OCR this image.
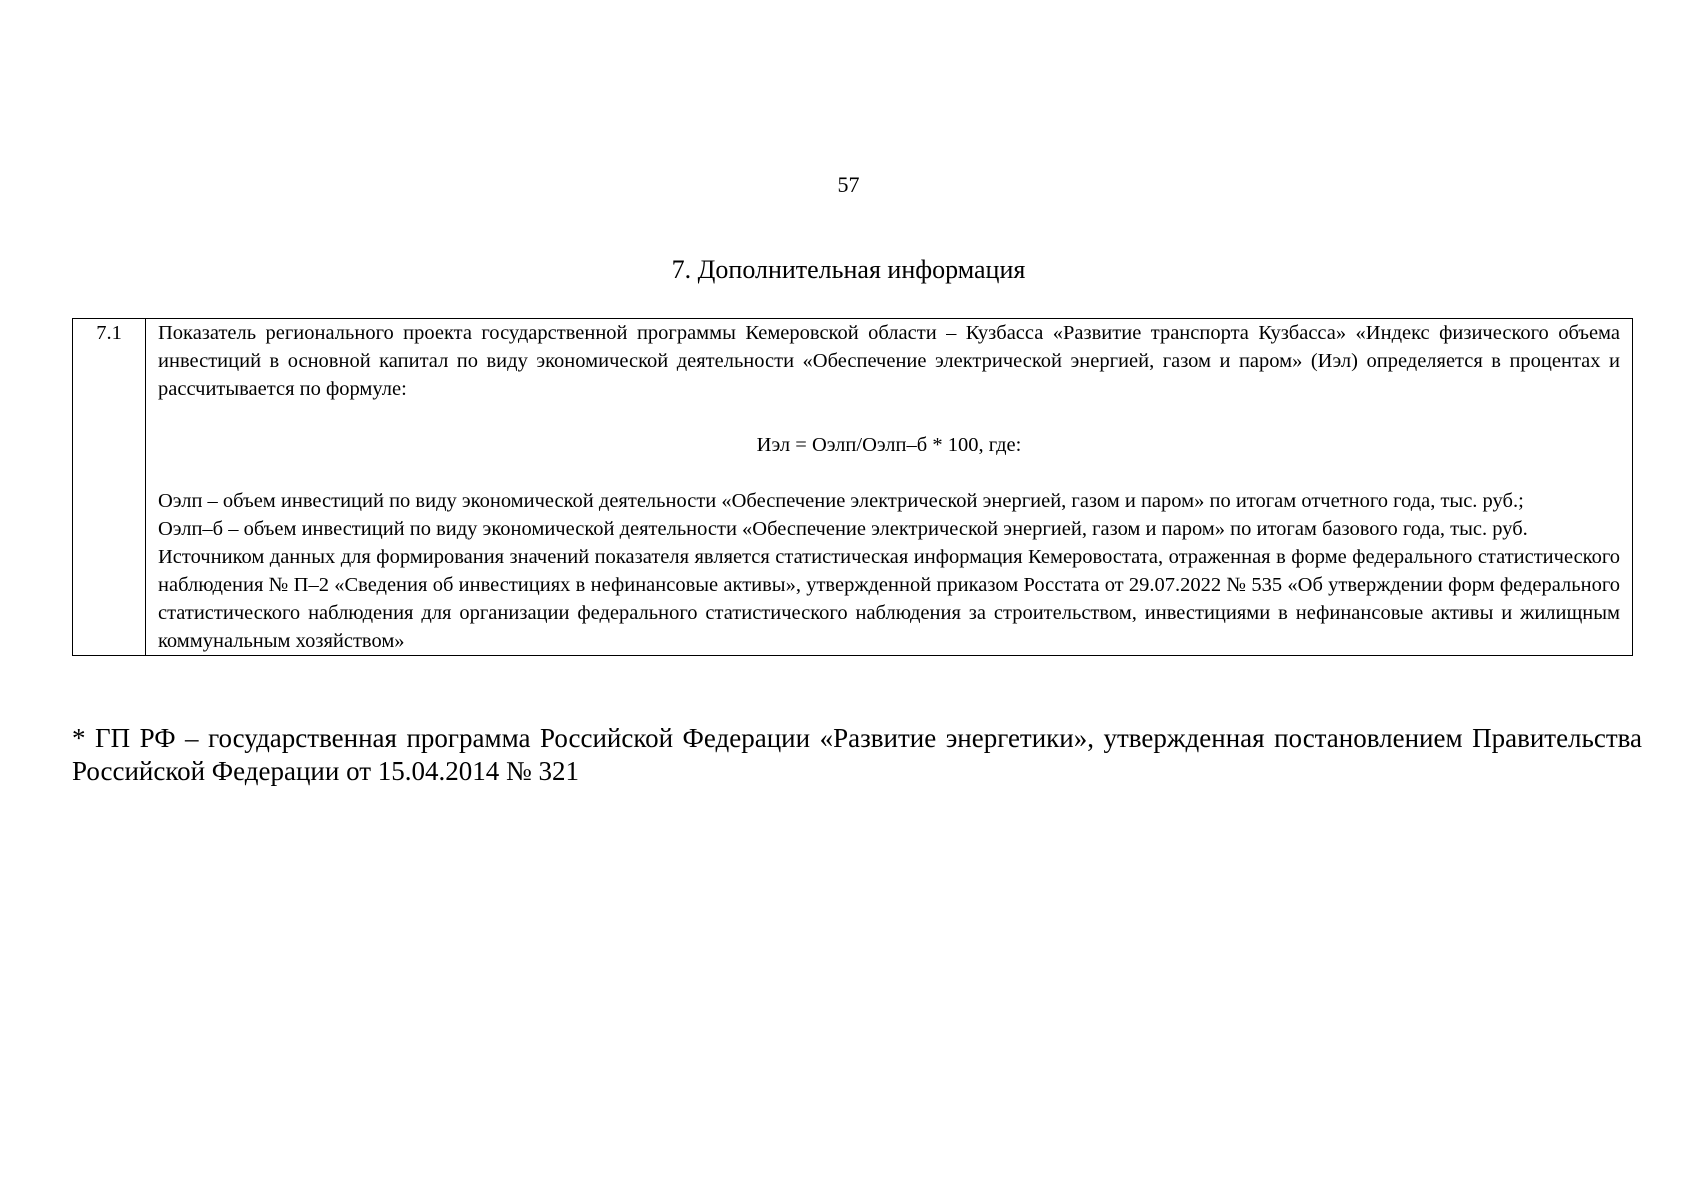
57
7. Дополнительная информация
7.1	Показатель регионального проекта государственной программы Кемеровской области – Кузбасса «Развитие транспорта Кузбасса» «Индекс физического объема инвестиций в основной капитал по виду экономической деятельности «Обеспечение электрической энергией, газом и паром» (Иэл) определяется в процентах и рассчитывается по формуле:

Иэл = Оэлп/Оэлп–б * 100, где:

Оэлп – объем инвестиций по виду экономической деятельности «Обеспечение электрической энергией, газом и паром» по итогам отчетного года, тыс. руб.;

Оэлп–б – объем инвестиций по виду экономической деятельности «Обеспечение электрической энергией, газом и паром» по итогам базового года, тыс. руб.

Источником данных для формирования значений показателя является статистическая информация Кемеровостата, отраженная в форме федерального статистического наблюдения № П–2 «Сведения об инвестициях в нефинансовые активы», утвержденной приказом Росстата от 29.07.2022 № 535 «Об утверждении форм федерального статистического наблюдения для организации федерального статистического наблюдения за строительством, инвестициями в нефинансовые активы и жилищным коммунальным хозяйством»

* ГП РФ – государственная программа Российской Федерации «Развитие энергетики», утвержденная постановлением Правительства Российской Федерации от 15.04.2014 № 321
